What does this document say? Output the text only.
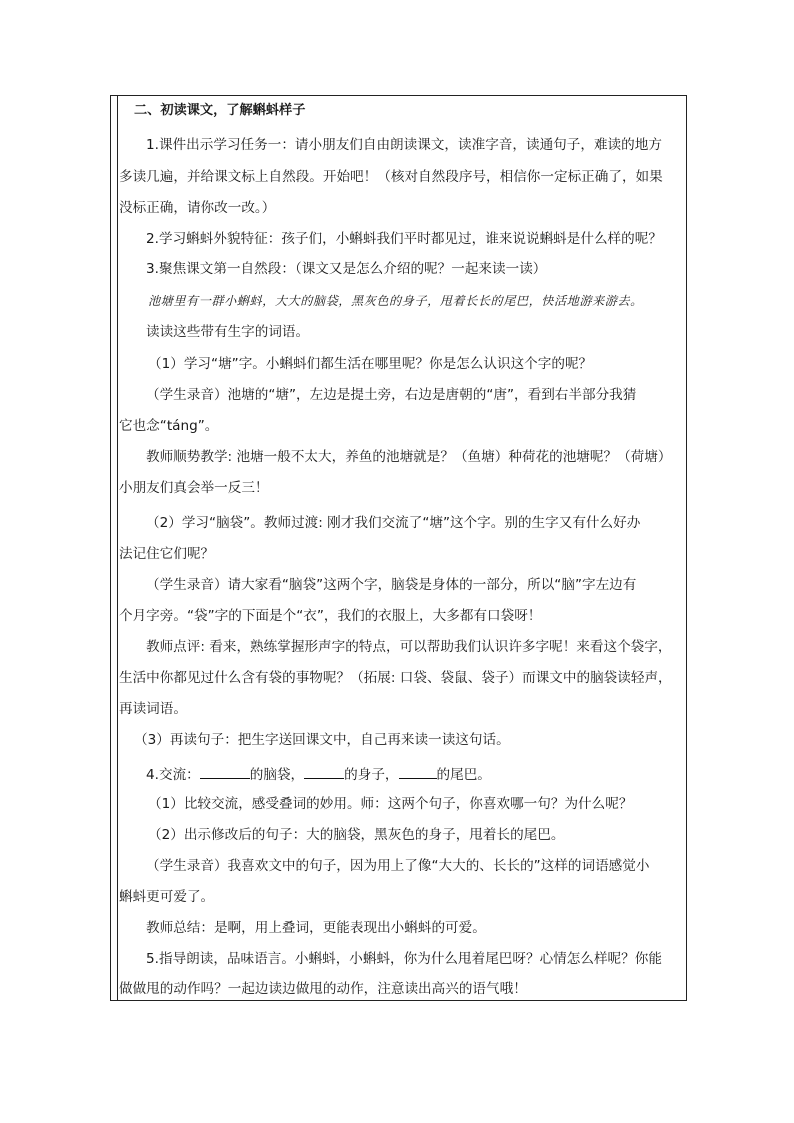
二、初读课文，了解蝌蚪样子
1.课件出示学习任务一：请小朋友们自由朗读课文，读准字音，读通句子，难读的地方
多读几遍，并给课文标上自然段。开始吧！（核对自然段序号，相信你一定标正确了，如果
没标正确，请你改一改。）
2.学习蝌蚪外貌特征：孩子们，小蝌蚪我们平时都见过，谁来说说蝌蚪是什么样的呢？
3.聚焦课文第一自然段：（课文又是怎么介绍的呢？一起来读一读）
池塘里有一群小蝌蚪，大大的脑袋，黑灰色的身子，甩着长长的尾巴，快活地游来游去。
读读这些带有生字的词语。
（1）学习“塘”字。小蝌蚪们都生活在哪里呢？你是怎么认识这个字的呢？
（学生录音）池塘的“塘”，左边是提土旁，右边是唐朝的“唐”，看到右半部分我猜
它也念“táng”。
教师顺势教学: 池塘一般不太大，养鱼的池塘就是？（鱼塘）种荷花的池塘呢？（荷塘）
小朋友们真会举一反三！
（2）学习“脑袋”。教师过渡: 刚才我们交流了“塘”这个字。别的生字又有什么好办
法记住它们呢？
（学生录音）请大家看“脑袋”这两个字，脑袋是身体的一部分，所以“脑”字左边有
个月字旁。“袋”字的下面是个“衣”，我们的衣服上，大多都有口袋呀！
教师点评: 看来，熟练掌握形声字的特点，可以帮助我们认识许多字呢！来看这个袋字，
生活中你都见过什么含有袋的事物呢？（拓展: 口袋、袋鼠、袋子）而课文中的脑袋读轻声，
再读词语。
（3）再读句子：把生字送回课文中，自己再来读一读这句话。
4.交流：	的脑袋，	的身子，	的尾巴。
（1）比较交流，感受叠词的妙用。师：这两个句子，你喜欢哪一句？为什么呢？
（2）出示修改后的句子：大的脑袋，黑灰色的身子，甩着长的尾巴。
（学生录音）我喜欢文中的句子，因为用上了像“大大的、长长的”这样的词语感觉小
蝌蚪更可爱了。
教师总结：是啊，用上叠词，更能表现出小蝌蚪的可爱。
5.指导朗读，品味语言。小蝌蚪，小蝌蚪，你为什么甩着尾巴呀？心情怎么样呢？你能
做做甩的动作吗？一起边读边做甩的动作，注意读出高兴的语气哦！
